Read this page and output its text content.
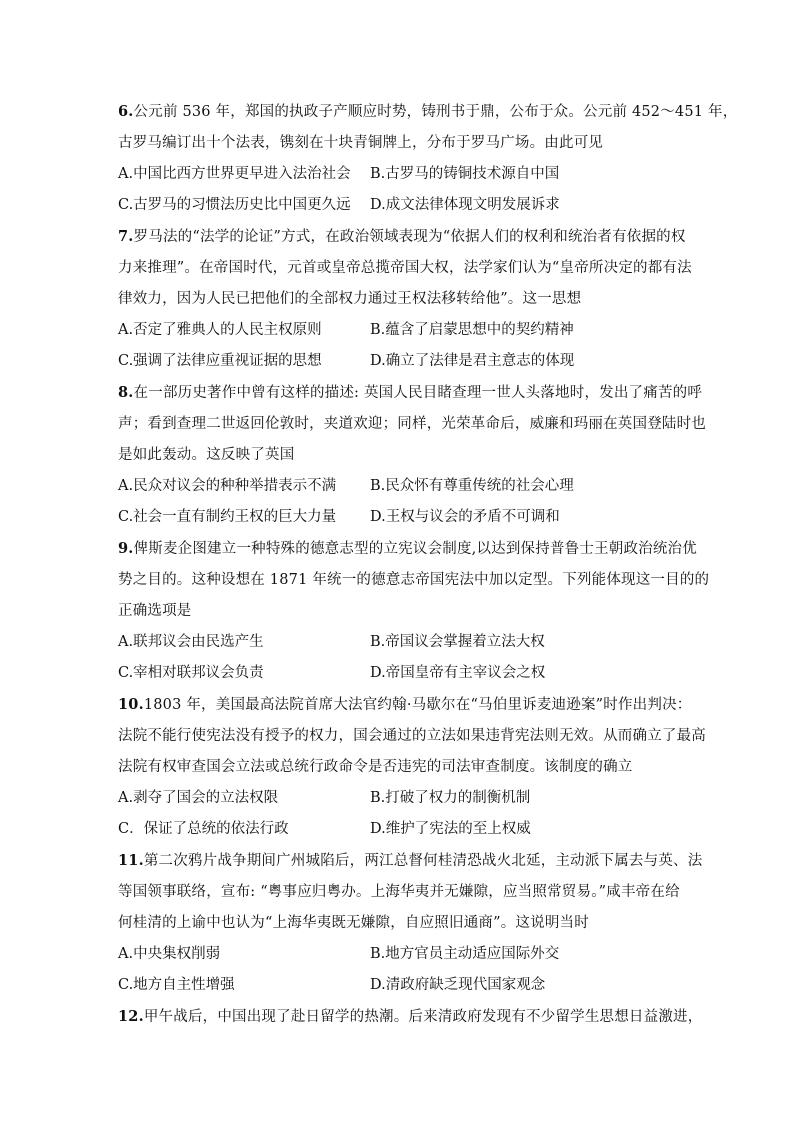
6.公元前 536 年，郑国的执政子产顺应时势，铸刑书于鼎，公布于众。公元前 452～451 年，
古罗马编订出十个法表，镌刻在十块青铜牌上，分布于罗马广场。由此可见
A.中国比西方世界更早进入法治社会 B.古罗马的铸铜技术源自中国
C.古罗马的习惯法历史比中国更久远 D.成文法律体现文明发展诉求
7.罗马法的“法学的论证”方式，在政治领域表现为“依据人们的权利和统治者有依据的权
力来推理”。在帝国时代，元首或皇帝总揽帝国大权，法学家们认为“皇帝所决定的都有法
律效力，因为人民已把他们的全部权力通过王权法移转给他”。这一思想
A.否定了雅典人的人民主权原则	B.蕴含了启蒙思想中的契约精神
C.强调了法律应重视证据的思想	D.确立了法律是君主意志的体现
8.在一部历史著作中曾有这样的描述: 英国人民目睹查理一世人头落地时，发出了痛苦的呼
声；看到查理二世返回伦敦时，夹道欢迎；同样，光荣革命后，威廉和玛丽在英国登陆时也
是如此轰动。这反映了英国
A.民众对议会的种种举措表示不满 B.民众怀有尊重传统的社会心理
C.社会一直有制约王权的巨大力量 D.王权与议会的矛盾不可调和
9.俾斯麦企图建立一种特殊的德意志型的立宪议会制度,以达到保持普鲁士王朝政治统治优
势之目的。这种设想在 1871 年统一的德意志帝国宪法中加以定型。下列能体现这一目的的
正确选项是
A.联邦议会由民选产生	B.帝国议会掌握着立法大权
C.宰相对联邦议会负责	D.帝国皇帝有主宰议会之权
10.1803 年，美国最高法院首席大法官约翰·马歇尔在“马伯里诉麦迪逊案”时作出判决：
法院不能行使宪法没有授予的权力，国会通过的立法如果违背宪法则无效。从而确立了最高
法院有权审查国会立法或总统行政命令是否违宪的司法审查制度。该制度的确立
A.剥夺了国会的立法权限	B.打破了权力的制衡机制
C．保证了总统的依法行政	D.维护了宪法的至上权威
11.第二次鸦片战争期间广州城陷后，两江总督何桂清恐战火北延，主动派下属去与英、法
等国领事联络，宣布: “粤事应归粤办。上海华夷并无嫌隙，应当照常贸易。”咸丰帝在给
何桂清的上谕中也认为“上海华夷既无嫌隙，自应照旧通商”。这说明当时
A.中央集权削弱	B.地方官员主动适应国际外交
C.地方自主性增强	D.清政府缺乏现代国家观念
12.甲午战后，中国出现了赴日留学的热潮。后来清政府发现有不少留学生思想日益激进，
